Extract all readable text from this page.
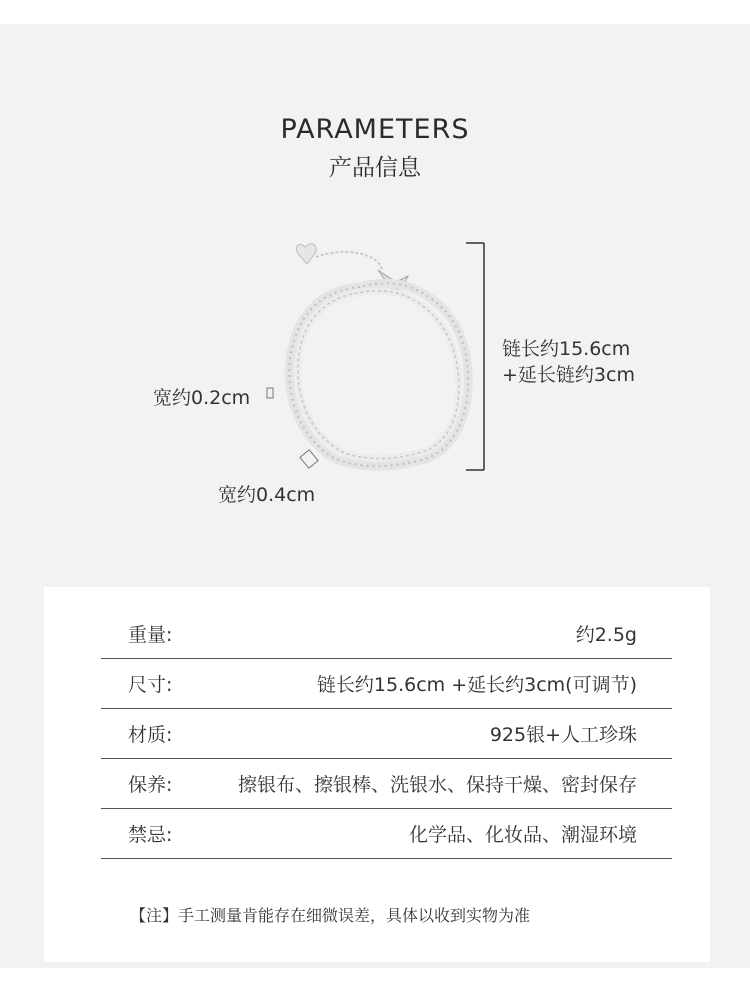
PARAMETERS
产品信息
链长约15.6cm
+延长链约3cm
宽约0.2cm
宽约0.4cm
重量:	约2.5g
尺寸:	链长约15.6cm +延长约3cm(可调节)
材质:	925银+人工珍珠
保养:	擦银布、擦银棒、洗银水、保持干燥、密封保存
禁忌:	化学品、化妆品、潮湿环境
【注】手工测量肯能存在细微误差，具体以收到实物为准
